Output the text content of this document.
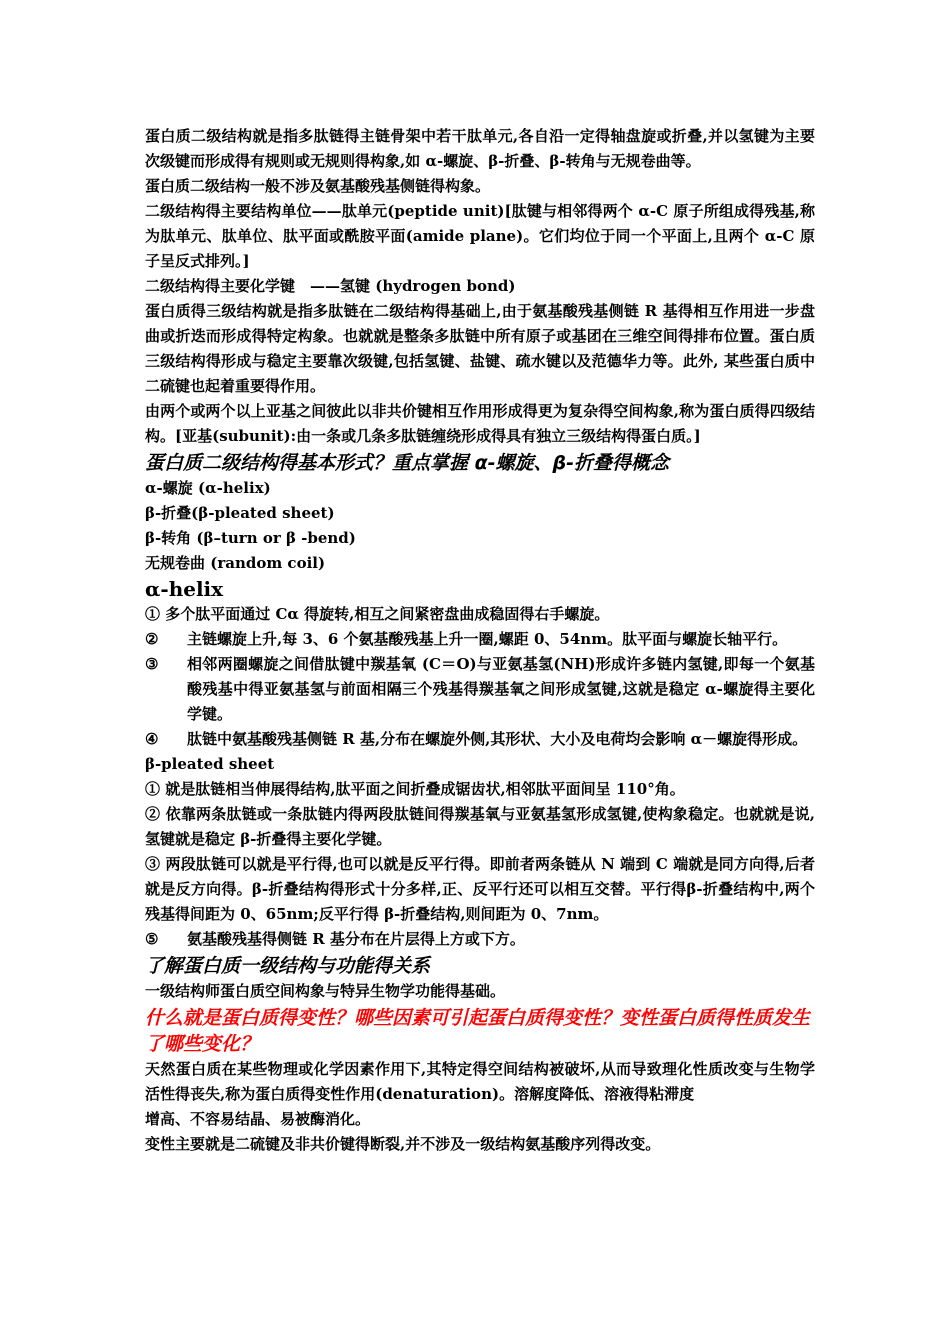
蛋白质二级结构就是指多肽链得主链骨架中若干肽单元,各自沿一定得轴盘旋或折叠,并以氢键为主要次级键而形成得有规则或无规则得构象,如 α-螺旋、β-折叠、β-转角与无规卷曲等。

蛋白质二级结构一般不涉及氨基酸残基侧链得构象。

二级结构得主要结构单位——肽单元(peptide unit)[肽键与相邻得两个 α-C 原子所组成得残基,称为肽单元、肽单位、肽平面或酰胺平面(amide plane)。它们均位于同一个平面上,且两个 α-C 原子呈反式排列。]

二级结构得主要化学键　——氢键 (hydrogen bond)

蛋白质得三级结构就是指多肽链在二级结构得基础上,由于氨基酸残基侧链 R 基得相互作用进一步盘曲或折迭而形成得特定构象。也就就是整条多肽链中所有原子或基团在三维空间得排布位置。蛋白质三级结构得形成与稳定主要靠次级键,包括氢键、盐键、疏水键以及范德华力等。此外, 某些蛋白质中二硫键也起着重要得作用。

由两个或两个以上亚基之间彼此以非共价键相互作用形成得更为复杂得空间构象,称为蛋白质得四级结构。[亚基(subunit):由一条或几条多肽链缠绕形成得具有独立三级结构得蛋白质。]

蛋白质二级结构得基本形式？重点掌握 α-螺旋、β-折叠得概念

α-螺旋 (α-helix)

β-折叠(β-pleated sheet)

β-转角 (β–turn or β -bend)

无规卷曲 (random coil)

α-helix

① 多个肽平面通过 Cα 得旋转,相互之间紧密盘曲成稳固得右手螺旋。

②	主链螺旋上升,每 3、6 个氨基酸残基上升一圈,螺距 0、54nm。肽平面与螺旋长轴平行。
③	相邻两圈螺旋之间借肽键中羰基氧 (C＝O)与亚氨基氢(NH)形成许多链内氢键,即每一个氨基酸残基中得亚氨基氢与前面相隔三个残基得羰基氧之间形成氢键,这就是稳定 α-螺旋得主要化学键。
④	肽链中氨基酸残基侧链 R 基,分布在螺旋外侧,其形状、大小及电荷均会影响 α－螺旋得形成。

β-pleated sheet

① 就是肽链相当伸展得结构,肽平面之间折叠成锯齿状,相邻肽平面间呈 110°角。

② 依靠两条肽链或一条肽链内得两段肽链间得羰基氧与亚氨基氢形成氢键,使构象稳定。也就就是说,氢键就是稳定 β-折叠得主要化学键。

③ 两段肽链可以就是平行得,也可以就是反平行得。即前者两条链从 N 端到 C 端就是同方向得,后者就是反方向得。β-折叠结构得形式十分多样,正、反平行还可以相互交替。平行得β-折叠结构中,两个残基得间距为 0、65nm;反平行得 β-折叠结构,则间距为 0、7nm。

⑤	氨基酸残基得侧链 R 基分布在片层得上方或下方。

了解蛋白质一级结构与功能得关系

一级结构师蛋白质空间构象与特异生物学功能得基础。

什么就是蛋白质得变性？哪些因素可引起蛋白质得变性？变性蛋白质得性质发生了哪些变化？

天然蛋白质在某些物理或化学因素作用下,其特定得空间结构被破坏,从而导致理化性质改变与生物学活性得丧失,称为蛋白质得变性作用(denaturation)。溶解度降低、溶液得粘滞度

增高、不容易结晶、易被酶消化。

变性主要就是二硫键及非共价键得断裂,并不涉及一级结构氨基酸序列得改变。
